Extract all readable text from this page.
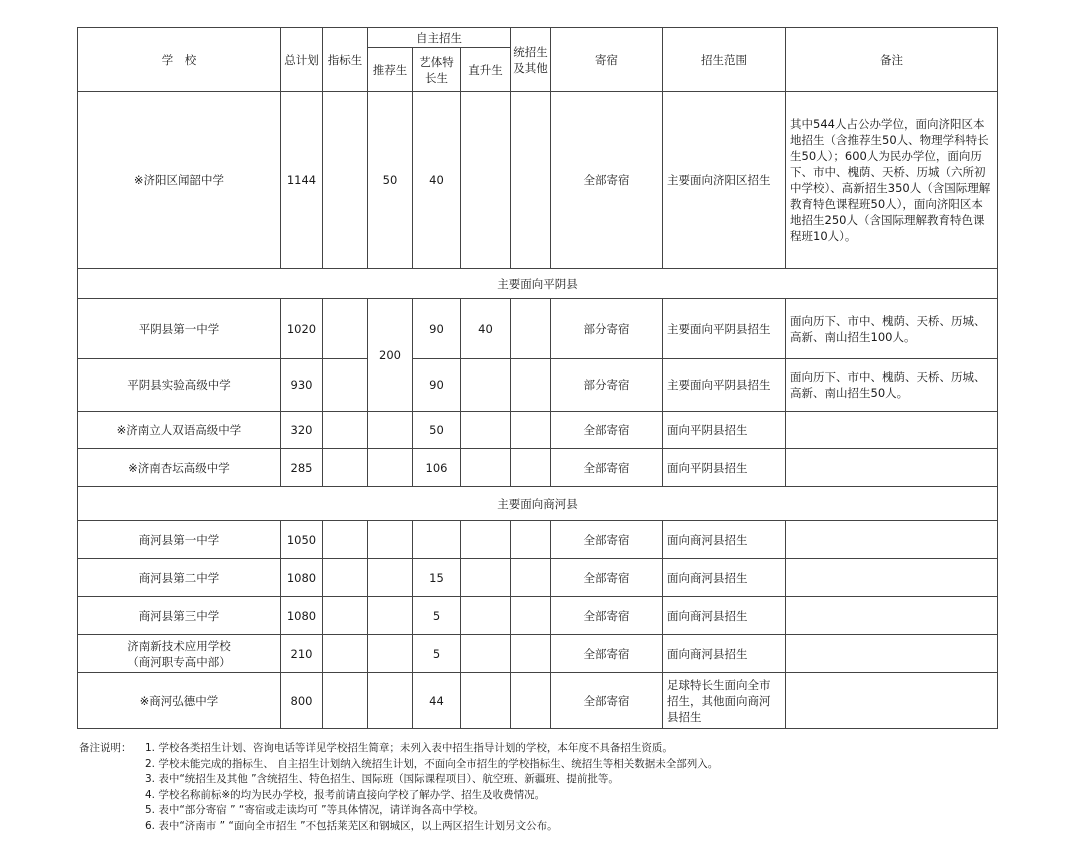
学　校	总计划	指标生	自主招生			统招生及其他	寄宿	招生范围	备注
			推荐生	艺体特长生	直升生				
※济阳区闻韶中学	1144		50	40			全部寄宿	主要面向济阳区招生	其中544人占公办学位，面向济阳区本地招生（含推荐生50人、物理学科特长生50人）；600人为民办学位，面向历下、市中、槐荫、天桥、历城（六所初中学校）、高新招生350人（含国际理解教育特色课程班50人），面向济阳区本地招生250人（含国际理解教育特色课程班10人）。
主要面向平阴县									
平阴县第一中学	1020		200	90	40		部分寄宿	主要面向平阴县招生	面向历下、市中、槐荫、天桥、历城、高新、南山招生100人。
平阴县实验高级中学	930			90			部分寄宿	主要面向平阴县招生	面向历下、市中、槐荫、天桥、历城、高新、南山招生50人。
※济南立人双语高级中学	320			50			全部寄宿	面向平阴县招生	
※济南杏坛高级中学	285			106			全部寄宿	面向平阴县招生	
主要面向商河县									
商河县第一中学	1050						全部寄宿	面向商河县招生	
商河县第二中学	1080			15			全部寄宿	面向商河县招生	
商河县第三中学	1080			5			全部寄宿	面向商河县招生	
济南新技术应用学校
（商河职专高中部）	210			5			全部寄宿	面向商河县招生	
※商河弘德中学	800			44			全部寄宿	足球特长生面向全市招生，其他面向商河县招生	
备注说明：	1. 学校各类招生计划、咨询电话等详见学校招生简章；未列入表中招生指导计划的学校，本年度不具备招生资质。
2. 学校未能完成的指标生、 自主招生计划纳入统招生计划，不面向全市招生的学校指标生、统招生等相关数据未全部列入。
3. 表中“统招生及其他 ”含统招生、特色招生、国际班（国际课程项目）、航空班、新疆班、提前批等。
4. 学校名称前标※的均为民办学校，报考前请直接向学校了解办学、招生及收费情况。
5. 表中“部分寄宿 ” “寄宿或走读均可 ”等具体情况，请详询各高中学校。
6. 表中“济南市 ” “面向全市招生 ”不包括莱芜区和钢城区，以上两区招生计划另文公布。
